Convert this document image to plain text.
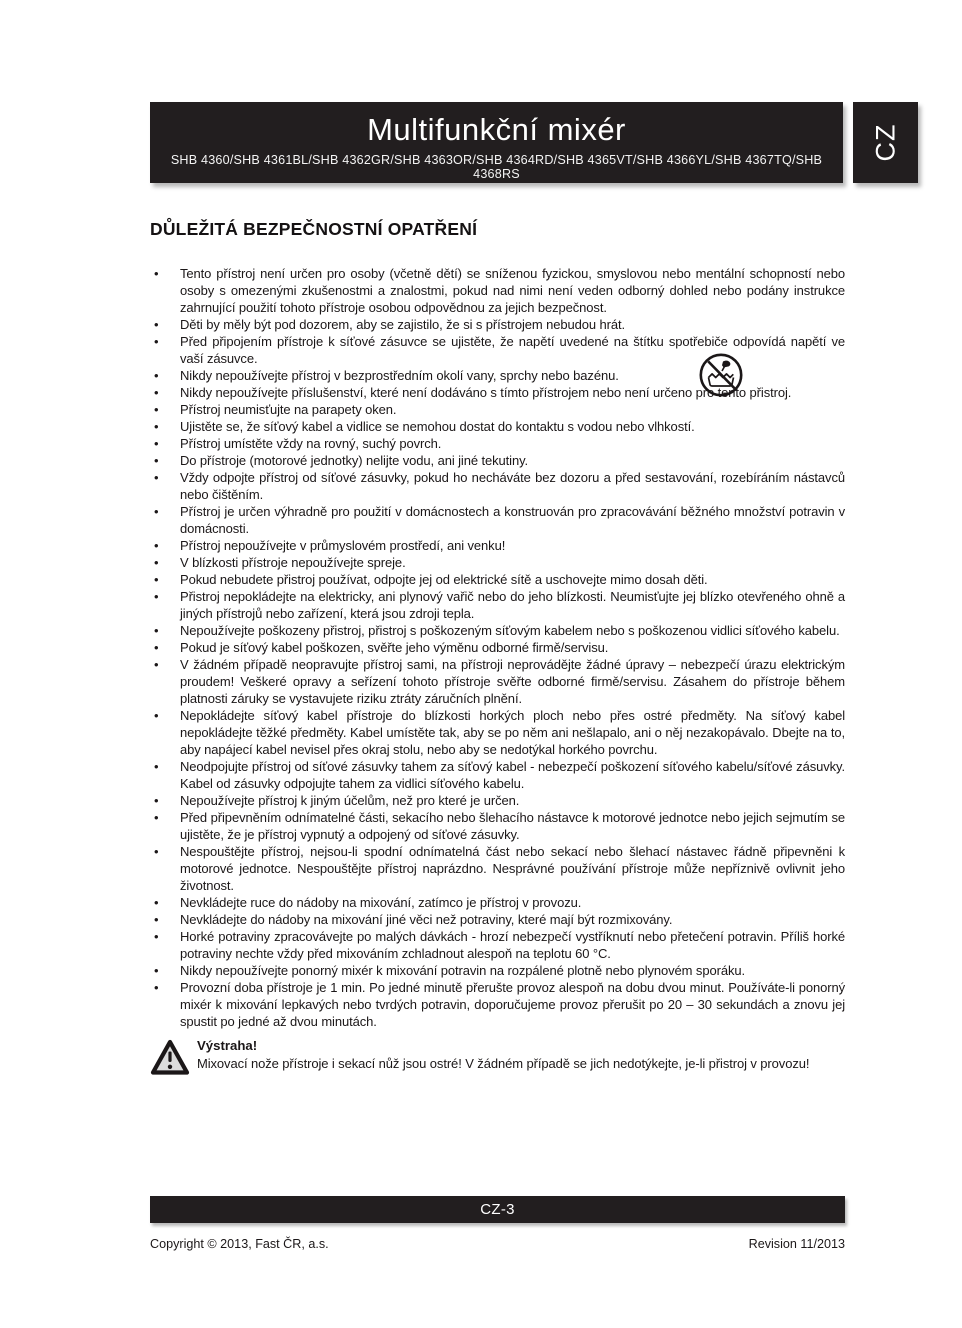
Multifunkční mixér
SHB 4360/SHB 4361BL/SHB 4362GR/SHB 4363OR/SHB 4364RD/SHB 4365VT/SHB 4366YL/SHB 4367TQ/SHB 4368RS
CZ
DŮLEŽITÁ BEZPEČNOSTNÍ OPATŘENÍ
• Tento přístroj není určen pro osoby (včetně dětí) se sníženou fyzickou, smyslovou nebo mentální schopností nebo osoby s omezenými zkušenostmi a znalostmi, pokud nad nimi není veden odborný dohled nebo podány instrukce zahrnující použití tohoto přístroje osobou odpovědnou za jejich bezpečnost.
• Děti by měly být pod dozorem, aby se zajistilo, že si s přístrojem nebudou hrát.
• Před připojením přístroje k síťové zásuvce se ujistěte, že napětí uvedené na štítku spotřebiče odpovídá napětí ve vaší zásuvce.
• Nikdy nepoužívejte přístroj v bezprostředním okolí vany, sprchy nebo bazénu.
• Nikdy nepoužívejte příslušenství, které není dodáváno s tímto přístrojem nebo není určeno pro tento přistroj.
• Přístroj neumisťujte na parapety oken.
• Ujistěte se, že síťový kabel a vidlice se nemohou dostat do kontaktu s vodou nebo vlhkostí.
• Přístroj umístěte vždy na rovný, suchý povrch.
• Do přístroje (motorové jednotky) nelijte vodu, ani jiné tekutiny.
• Vždy odpojte přístroj od síťové zásuvky, pokud ho necháváte bez dozoru a před sestavování, rozebíráním nástavců nebo čištěním.
• Přístroj je určen výhradně pro použití v domácnostech a konstruován pro zpracovávání běžného množství potravin v domácnosti.
• Přístroj nepoužívejte v průmyslovém prostředí, ani venku!
• V blízkosti přístroje nepoužívejte spreje.
• Pokud nebudete přistroj používat, odpojte jej od elektrické sítě a uschovejte mimo dosah děti.
• Přistroj nepokládejte na elektricky, ani plynový vařič nebo do jeho blízkosti. Neumisťujte jej blízko otevřeného ohně a jiných přístrojů nebo zařízení, která jsou zdroji tepla.
• Nepoužívejte poškozeny přistroj, přistroj s poškozeným síťovým kabelem nebo s poškozenou vidlici síťového kabelu.
• Pokud je síťový kabel poškozen, svěřte jeho výměnu odborné firmě/servisu.
• V žádném případě neopravujte přístroj sami, na přístroji neprovádějte žádné úpravy – nebezpečí úrazu elektrickým proudem! Veškeré opravy a seřízení tohoto přístroje svěřte odborné firmě/servisu. Zásahem do přístroje během platnosti záruky se vystavujete riziku ztráty záručních plnění.
• Nepokládejte síťový kabel přístroje do blízkosti horkých ploch nebo přes ostré předměty. Na síťový kabel nepokládejte těžké předměty. Kabel umístěte tak, aby se po něm ani nešlapalo, ani o něj nezakopávalo. Dbejte na to, aby napájecí kabel nevisel přes okraj stolu, nebo aby se nedotýkal horkého povrchu.
• Neodpojujte přístroj od síťové zásuvky tahem za síťový kabel - nebezpečí poškození síťového kabelu/síťové zásuvky. Kabel od zásuvky odpojujte tahem za vidlici síťového kabelu.
• Nepoužívejte přístroj k jiným účelům, než pro které je určen.
• Před připevněním odnímatelné části, sekacího nebo šlehacího nástavce k motorové jednotce nebo jejich sejmutím se ujistěte, že je přístroj vypnutý a odpojený od síťové zásuvky.
• Nespouštějte přístroj, nejsou-li spodní odnímatelná část nebo sekací nebo šlehací nástavec řádně připevněni k motorové jednotce. Nespouštějte přístroj naprázdno. Nesprávné používání přístroje může nepříznivě ovlivnit jeho životnost.
• Nevkládejte ruce do nádoby na mixování, zatímco je přístroj v provozu.
• Nevkládejte do nádoby na mixování jiné věci než potraviny, které mají být rozmixovány.
• Horké potraviny zpracovávejte po malých dávkách - hrozí nebezpečí vystříknutí nebo přetečení potravin. Příliš horké potraviny nechte vždy před mixováním zchladnout alespoň na teplotu 60 °C.
• Nikdy nepoužívejte ponorný mixér k mixování potravin na rozpálené plotně nebo plynovém sporáku.
• Provozní doba přístroje je 1 min. Po jedné minutě přerušte provoz alespoň na dobu dvou minut. Používáte-li ponorný mixér k mixování lepkavých nebo tvrdých potravin, doporučujeme provoz přerušit po 20 – 30 sekundách a znovu jej spustit po jedné až dvou minutách.
Výstraha!
Mixovací nože přístroje i sekací nůž jsou ostré! V žádném případě se jich nedotýkejte, je-li přistroj v provozu!
CZ-3
Copyright © 2013, Fast ČR, a.s.	Revision 11/2013
